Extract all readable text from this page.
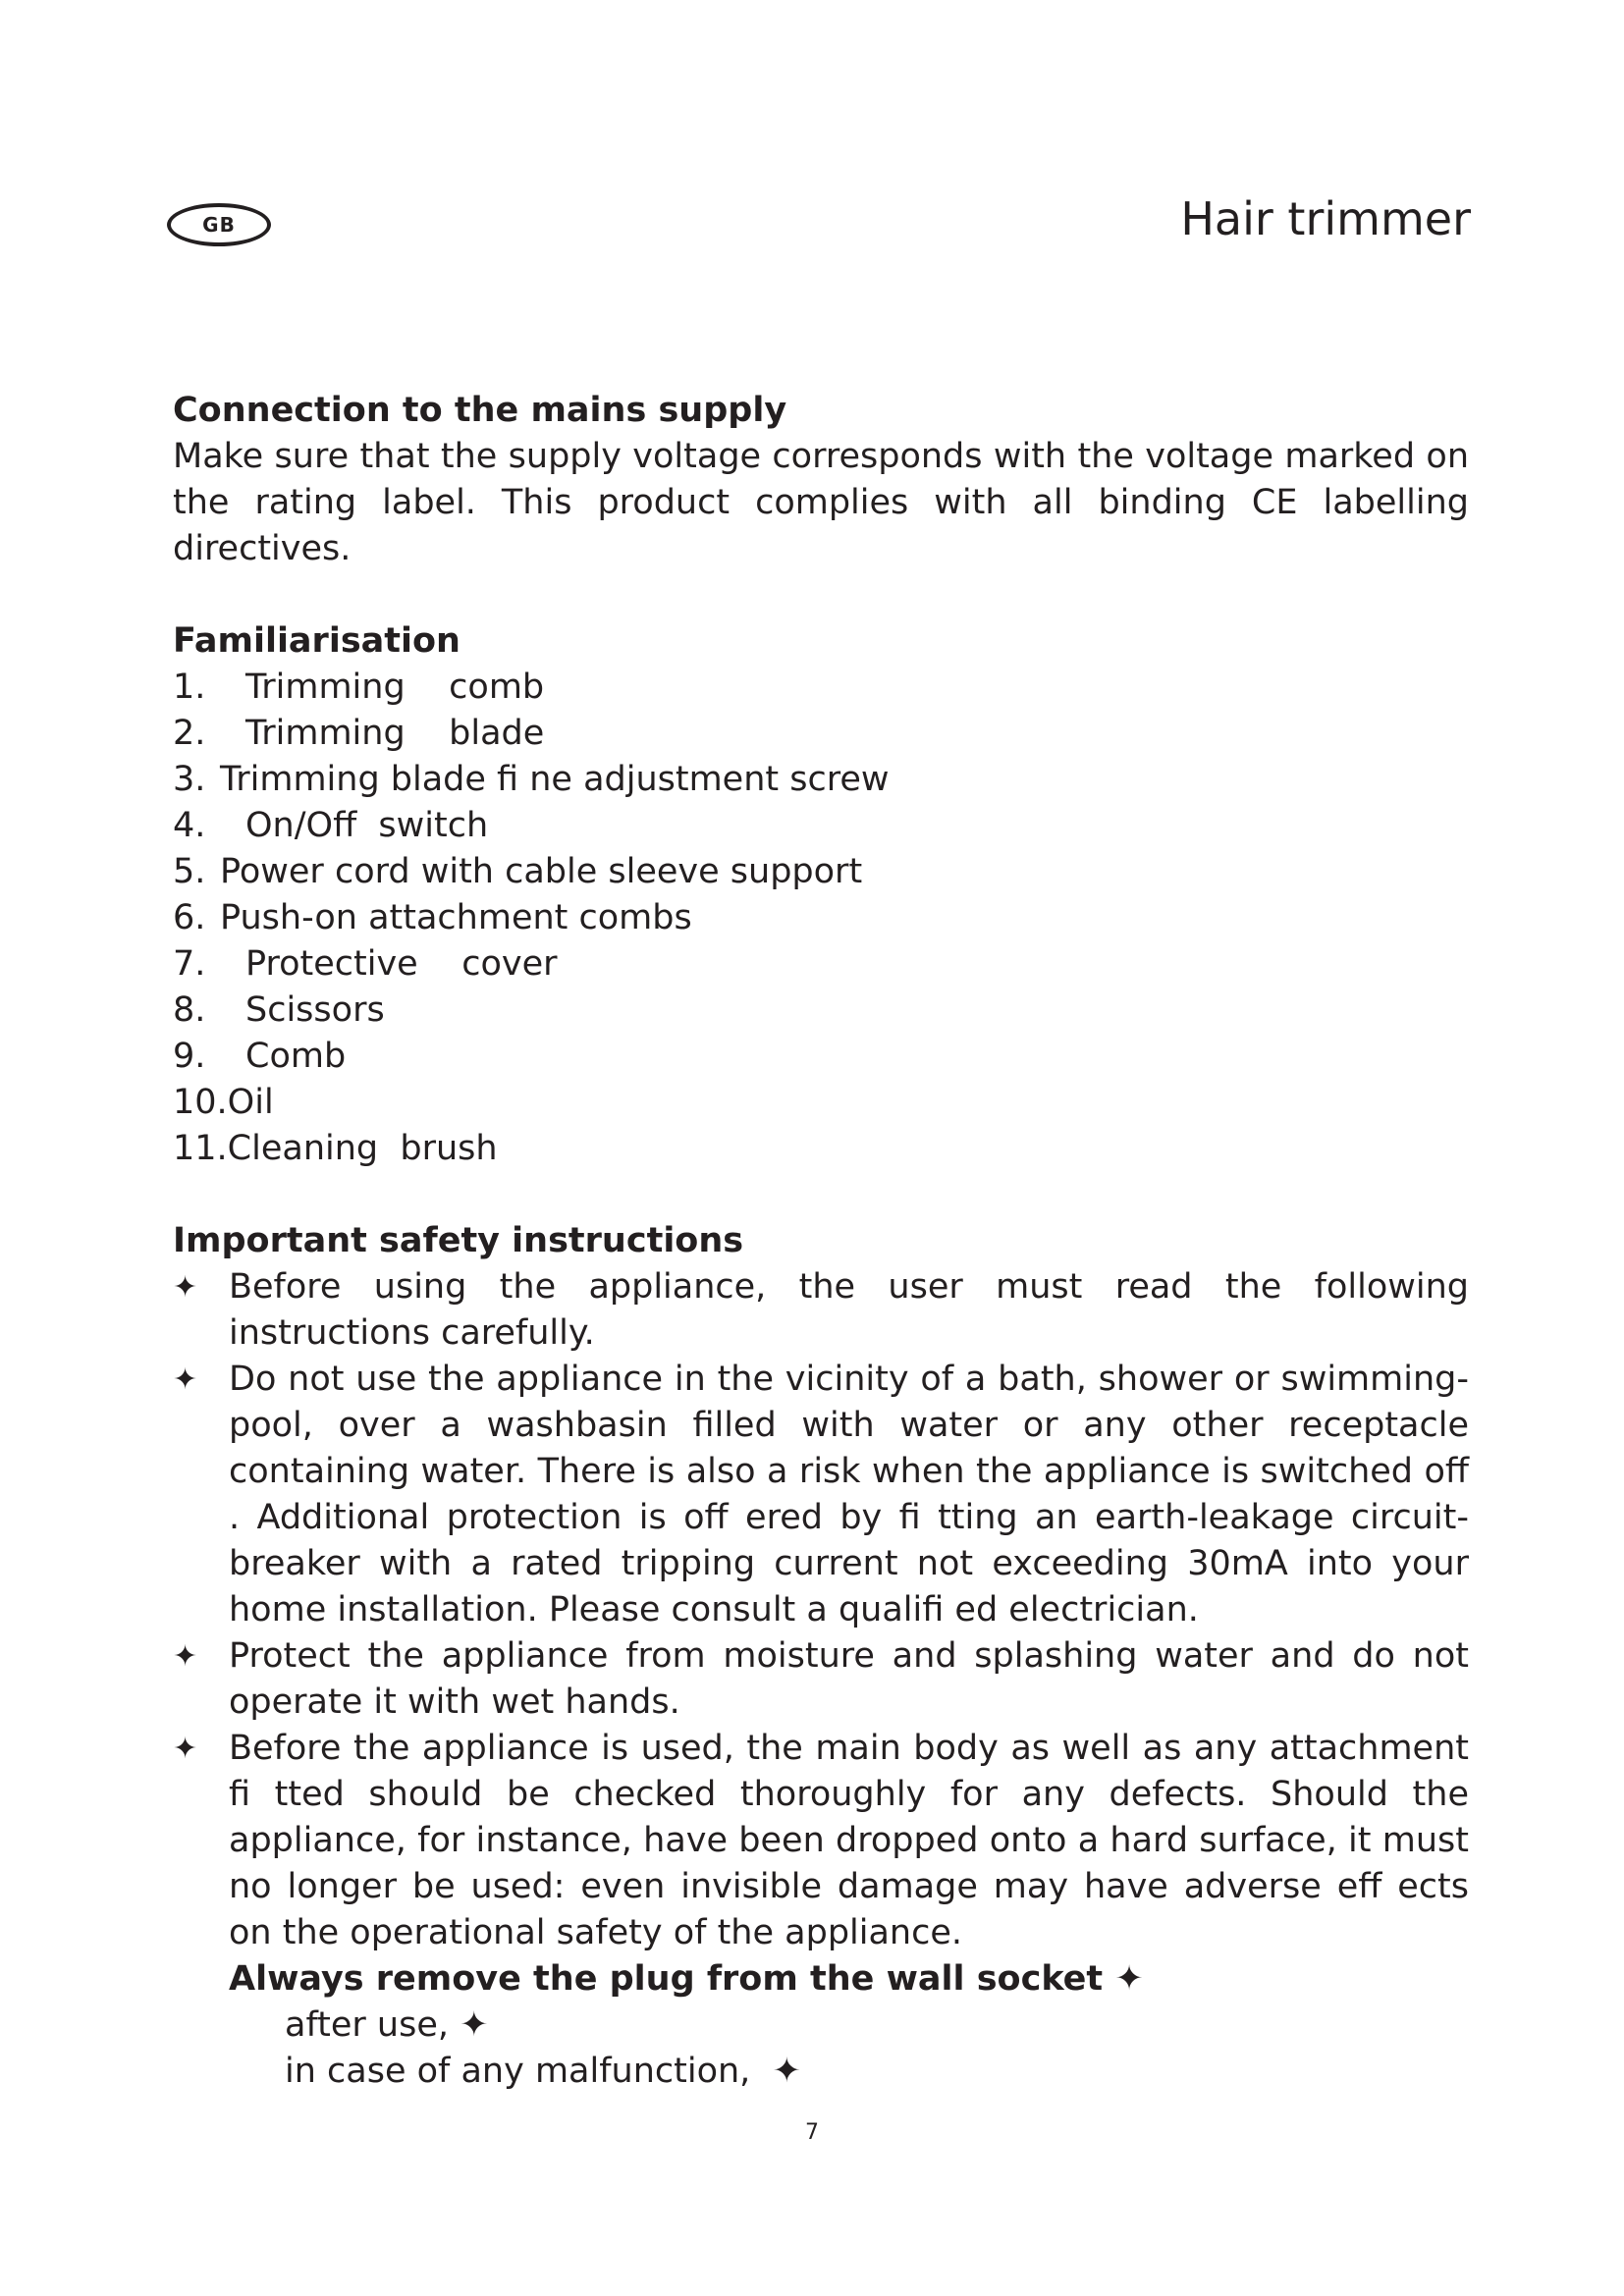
GB	Hair trimmer
Connection to the mains supply

Make sure that the supply voltage corresponds with the voltage marked on the rating label. This product complies with all binding CE labelling directives.

Familiarisation
1.	Trimming    comb
2.	Trimming    blade
3. Trimming blade fi ne adjustment screw
4.	On/Off  switch
5. Power cord with cable sleeve support
6. Push-on attachment combs
7.	Protective    cover
8.	Scissors
9.	Comb
10. Oil
11. Cleaning  brush
Important safety instructions
✦ Before using the appliance, the user must read the following instructions carefully.
✦ Do not use the appliance in the vicinity of a bath, shower or swimming-pool, over a washbasin filled with water or any other receptacle containing water. There is also a risk when the appliance is switched off . Additional protection is off ered by fi tting an earth-leakage circuit-breaker with a rated tripping current not exceeding 30mA into your home installation. Please consult a qualifi ed electrician.
✦ Protect the appliance from moisture and splashing water and do not operate it with wet hands.
✦ Before the appliance is used, the main body as well as any attachment fi tted should be checked thoroughly for any defects. Should the appliance, for instance, have been dropped onto a hard surface, it must no longer be used: even invisible damage may have adverse eff ects on the operational safety of the appliance.
Always remove the plug from the wall socket ✦
after use, ✦
in case of any malfunction,  ✦
7
